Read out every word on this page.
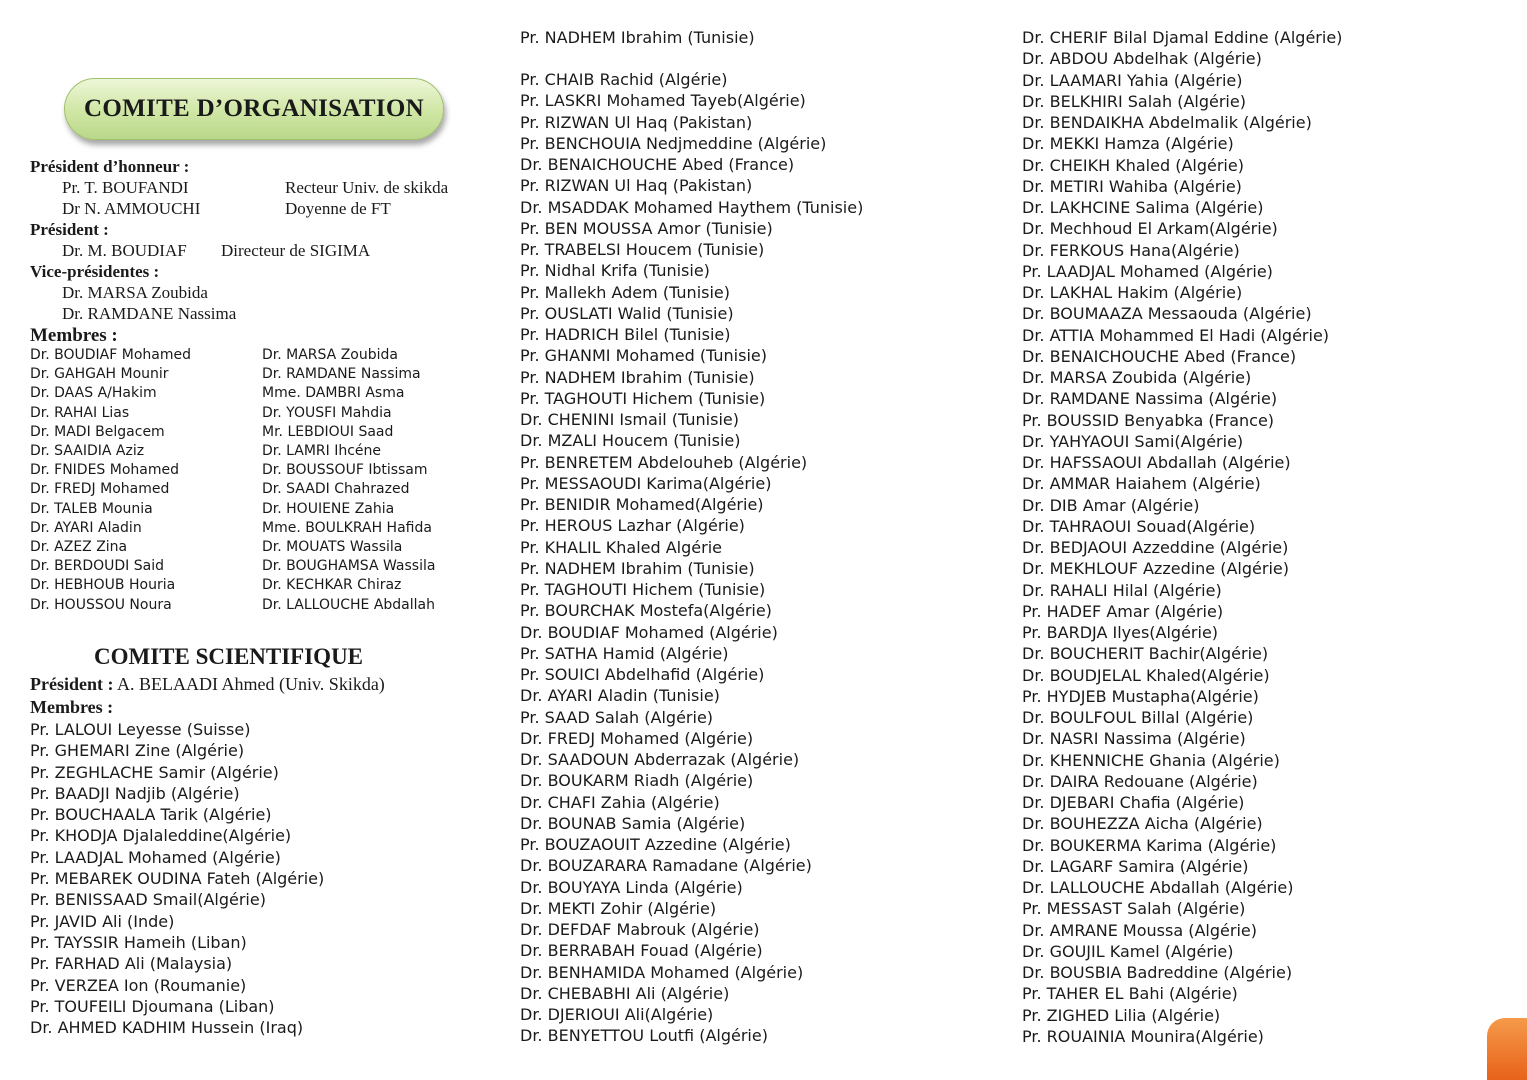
COMITE D’ORGANISATION
Président d’honneur :
Pr. T. BOUFANDI	Recteur Univ. de skikda
Dr N. AMMOUCHI	Doyenne de FT
Président :
Dr. M. BOUDIAF Directeur de SIGIMA
Vice-présidentes :
Dr. MARSA Zoubida
Dr. RAMDANE Nassima
Membres :
Dr. BOUDIAF Mohamed
Dr. GAHGAH Mounir
Dr. DAAS A/Hakim
Dr. RAHAI Lias
Dr. MADI Belgacem
Dr. SAAIDIA Aziz
Dr. FNIDES Mohamed
Dr. FREDJ Mohamed
Dr. TALEB Mounia
Dr. AYARI Aladin
Dr. AZEZ Zina
Dr. BERDOUDI Said
Dr. HEBHOUB Houria
Dr. HOUSSOU Noura
Dr. MARSA Zoubida
Dr. RAMDANE Nassima
Mme. DAMBRI Asma
Dr. YOUSFI Mahdia
Mr. LEBDIOUI Saad
Dr. LAMRI Ihcéne
Dr. BOUSSOUF Ibtissam
Dr. SAADI Chahrazed
Dr. HOUIENE Zahia
Mme. BOULKRAH Hafida
Dr. MOUATS Wassila
Dr. BOUGHAMSA Wassila
Dr. KECHKAR Chiraz
Dr. LALLOUCHE Abdallah
COMITE SCIENTIFIQUE
Président : A. BELAADI Ahmed (Univ. Skikda)
Membres :
Pr. LALOUI Leyesse (Suisse)
Pr. GHEMARI Zine (Algérie)
Pr. ZEGHLACHE Samir (Algérie)
Pr. BAADJI Nadjib (Algérie)
Pr. BOUCHAALA Tarik (Algérie)
Pr. KHODJA Djalaleddine(Algérie)
Pr. LAADJAL Mohamed (Algérie)
Pr. MEBAREK OUDINA Fateh (Algérie)
Pr. BENISSAAD Smail(Algérie)
Pr. JAVID Ali (Inde)
Pr. TAYSSIR Hameih (Liban)
Pr. FARHAD Ali (Malaysia)
Pr. VERZEA Ion (Roumanie)
Pr. TOUFEILI Djoumana (Liban)
Dr. AHMED KADHIM Hussein (Iraq)
Pr. NADHEM Ibrahim (Tunisie)
Pr. CHAIB Rachid (Algérie)
Pr. LASKRI Mohamed Tayeb(Algérie)
Pr. RIZWAN Ul Haq (Pakistan)
Pr. BENCHOUIA Nedjmeddine (Algérie)
Dr. BENAICHOUCHE Abed (France)
Pr. RIZWAN Ul Haq (Pakistan)
Dr. MSADDAK Mohamed Haythem (Tunisie)
Pr. BEN MOUSSA Amor (Tunisie)
Pr. TRABELSI Houcem (Tunisie)
Pr. Nidhal Krifa (Tunisie)
Pr. Mallekh Adem (Tunisie)
Pr. OUSLATI Walid (Tunisie)
Pr. HADRICH Bilel (Tunisie)
Pr. GHANMI Mohamed (Tunisie)
Pr. NADHEM Ibrahim (Tunisie)
Pr. TAGHOUTI Hichem (Tunisie)
Dr. CHENINI Ismail (Tunisie)
Dr. MZALI Houcem (Tunisie)
Pr. BENRETEM Abdelouheb (Algérie)
Pr. MESSAOUDI Karima(Algérie)
Pr. BENIDIR Mohamed(Algérie)
Pr. HEROUS Lazhar (Algérie)
Pr. KHALIL Khaled Algérie
Pr. NADHEM Ibrahim (Tunisie)
Pr. TAGHOUTI Hichem (Tunisie)
Pr. BOURCHAK Mostefa(Algérie)
Dr. BOUDIAF Mohamed (Algérie)
Pr. SATHA Hamid (Algérie)
Pr. SOUICI Abdelhafid (Algérie)
Dr. AYARI Aladin (Tunisie)
Pr. SAAD Salah (Algérie)
Dr. FREDJ Mohamed (Algérie)
Dr. SAADOUN Abderrazak (Algérie)
Dr. BOUKARM Riadh (Algérie)
Dr. CHAFI Zahia (Algérie)
Dr. BOUNAB Samia (Algérie)
Pr. BOUZAOUIT Azzedine (Algérie)
Dr. BOUZARARA Ramadane (Algérie)
Dr. BOUYAYA Linda (Algérie)
Dr. MEKTI Zohir (Algérie)
Dr. DEFDAF Mabrouk (Algérie)
Dr. BERRABAH Fouad (Algérie)
Dr. BENHAMIDA Mohamed (Algérie)
Dr. CHEBABHI Ali (Algérie)
Dr. DJERIOUI Ali(Algérie)
Dr. BENYETTOU Loutfi (Algérie)
Dr. CHERIF Bilal Djamal Eddine (Algérie)
Dr. ABDOU Abdelhak (Algérie)
Dr. LAAMARI Yahia (Algérie)
Dr. BELKHIRI Salah (Algérie)
Dr. BENDAIKHA Abdelmalik (Algérie)
Dr. MEKKI Hamza (Algérie)
Dr. CHEIKH Khaled (Algérie)
Dr. METIRI Wahiba (Algérie)
Dr. LAKHCINE Salima (Algérie)
Dr. Mechhoud El Arkam(Algérie)
Dr. FERKOUS Hana(Algérie)
Pr. LAADJAL Mohamed (Algérie)
Dr. LAKHAL Hakim (Algérie)
Dr. BOUMAAZA Messaouda (Algérie)
Dr. ATTIA Mohammed El Hadi (Algérie)
Dr. BENAICHOUCHE Abed (France)
Dr. MARSA Zoubida (Algérie)
Dr. RAMDANE Nassima (Algérie)
Pr. BOUSSID Benyabka (France)
Dr. YAHYAOUI Sami(Algérie)
Dr. HAFSSAOUI Abdallah (Algérie)
Dr. AMMAR Haiahem (Algérie)
Dr. DIB Amar (Algérie)
Dr. TAHRAOUI Souad(Algérie)
Dr. BEDJAOUI Azzeddine (Algérie)
Dr. MEKHLOUF Azzedine (Algérie)
Dr. RAHALI Hilal (Algérie)
Pr. HADEF Amar (Algérie)
Pr. BARDJA Ilyes(Algérie)
Dr. BOUCHERIT Bachir(Algérie)
Dr. BOUDJELAL Khaled(Algérie)
Pr. HYDJEB Mustapha(Algérie)
Dr. BOULFOUL Billal (Algérie)
Dr. NASRI Nassima (Algérie)
Dr. KHENNICHE Ghania (Algérie)
Dr. DAIRA Redouane (Algérie)
Dr. DJEBARI Chafia (Algérie)
Dr. BOUHEZZA Aicha (Algérie)
Dr. BOUKERMA Karima (Algérie)
Dr. LAGARF Samira (Algérie)
Dr. LALLOUCHE Abdallah (Algérie)
Pr. MESSAST Salah (Algérie)
Dr. AMRANE Moussa (Algérie)
Dr. GOUJIL Kamel (Algérie)
Dr. BOUSBIA Badreddine (Algérie)
Pr. TAHER EL Bahi (Algérie)
Pr. ZIGHED Lilia (Algérie)
Pr. ROUAINIA Mounira(Algérie)
